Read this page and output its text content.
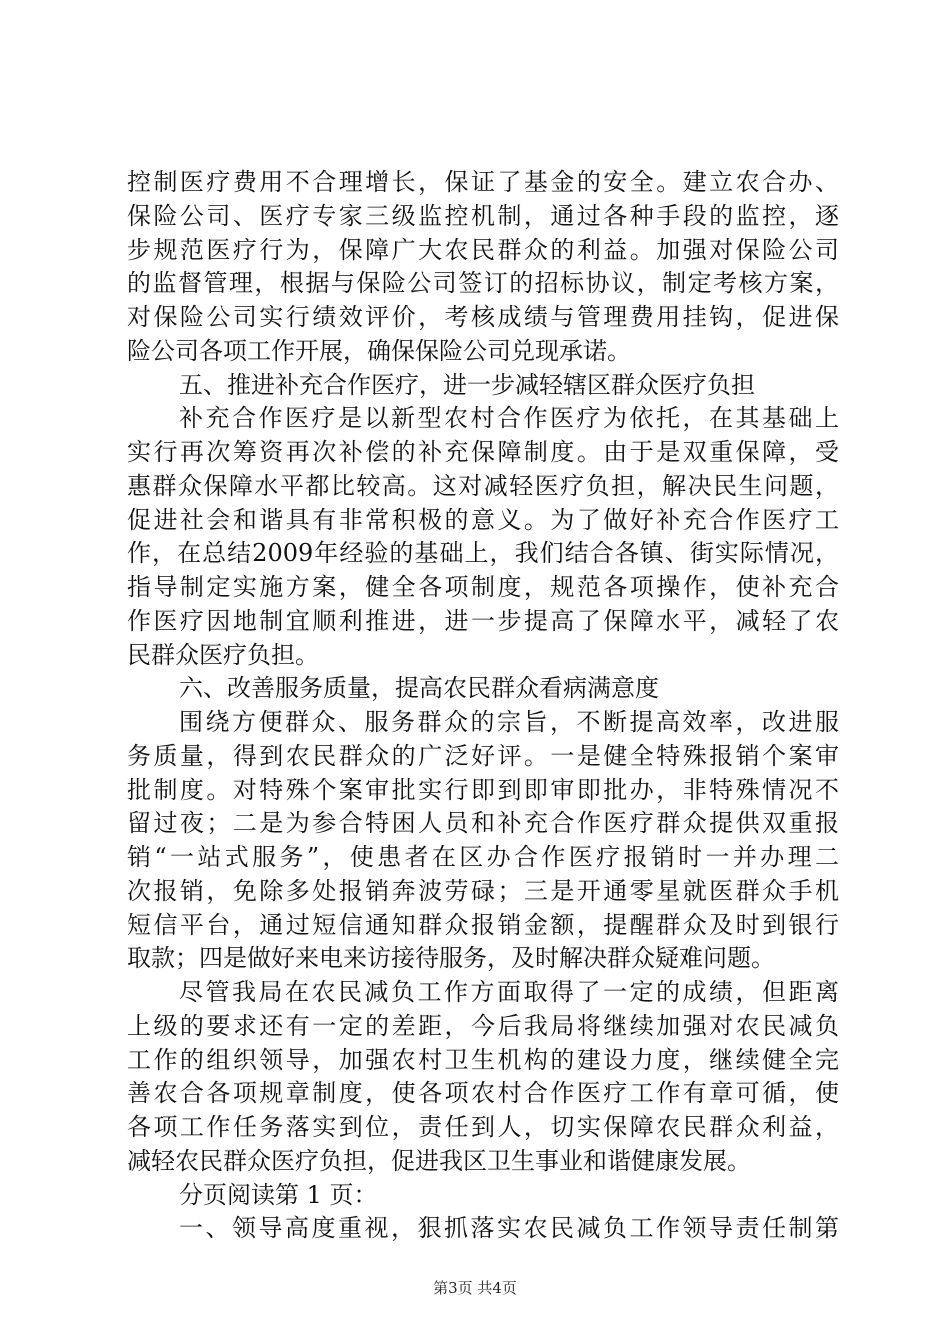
控制医疗费用不合理增长，保证了基金的安全。建立农合办、
保险公司、医疗专家三级监控机制，通过各种手段的监控，逐
步规范医疗行为，保障广大农民群众的利益。加强对保险公司
的监督管理，根据与保险公司签订的招标协议，制定考核方案，
对保险公司实行绩效评价，考核成绩与管理费用挂钩，促进保
险公司各项工作开展，确保保险公司兑现承诺。
五、推进补充合作医疗，进一步减轻辖区群众医疗负担
补充合作医疗是以新型农村合作医疗为依托，在其基础上
实行再次筹资再次补偿的补充保障制度。由于是双重保障，受
惠群众保障水平都比较高。这对减轻医疗负担，解决民生问题，
促进社会和谐具有非常积极的意义。为了做好补充合作医疗工
作，在总结2009年经验的基础上，我们结合各镇、街实际情况，
指导制定实施方案，健全各项制度，规范各项操作，使补充合
作医疗因地制宜顺利推进，进一步提高了保障水平，减轻了农
民群众医疗负担。
六、改善服务质量，提高农民群众看病满意度
围绕方便群众、服务群众的宗旨，不断提高效率，改进服
务质量，得到农民群众的广泛好评。一是健全特殊报销个案审
批制度。对特殊个案审批实行即到即审即批办，非特殊情况不
留过夜；二是为参合特困人员和补充合作医疗群众提供双重报
销“一站式服务”，使患者在区办合作医疗报销时一并办理二
次报销，免除多处报销奔波劳碌；三是开通零星就医群众手机
短信平台，通过短信通知群众报销金额，提醒群众及时到银行
取款；四是做好来电来访接待服务，及时解决群众疑难问题。
尽管我局在农民减负工作方面取得了一定的成绩，但距离
上级的要求还有一定的差距，今后我局将继续加强对农民减负
工作的组织领导，加强农村卫生机构的建设力度，继续健全完
善农合各项规章制度，使各项农村合作医疗工作有章可循，使
各项工作任务落实到位，责任到人，切实保障农民群众利益，
减轻农民群众医疗负担，促进我区卫生事业和谐健康发展。
分页阅读第 1 页：
一、领导高度重视，狠抓落实农民减负工作领导责任制第
第3页 共4页
